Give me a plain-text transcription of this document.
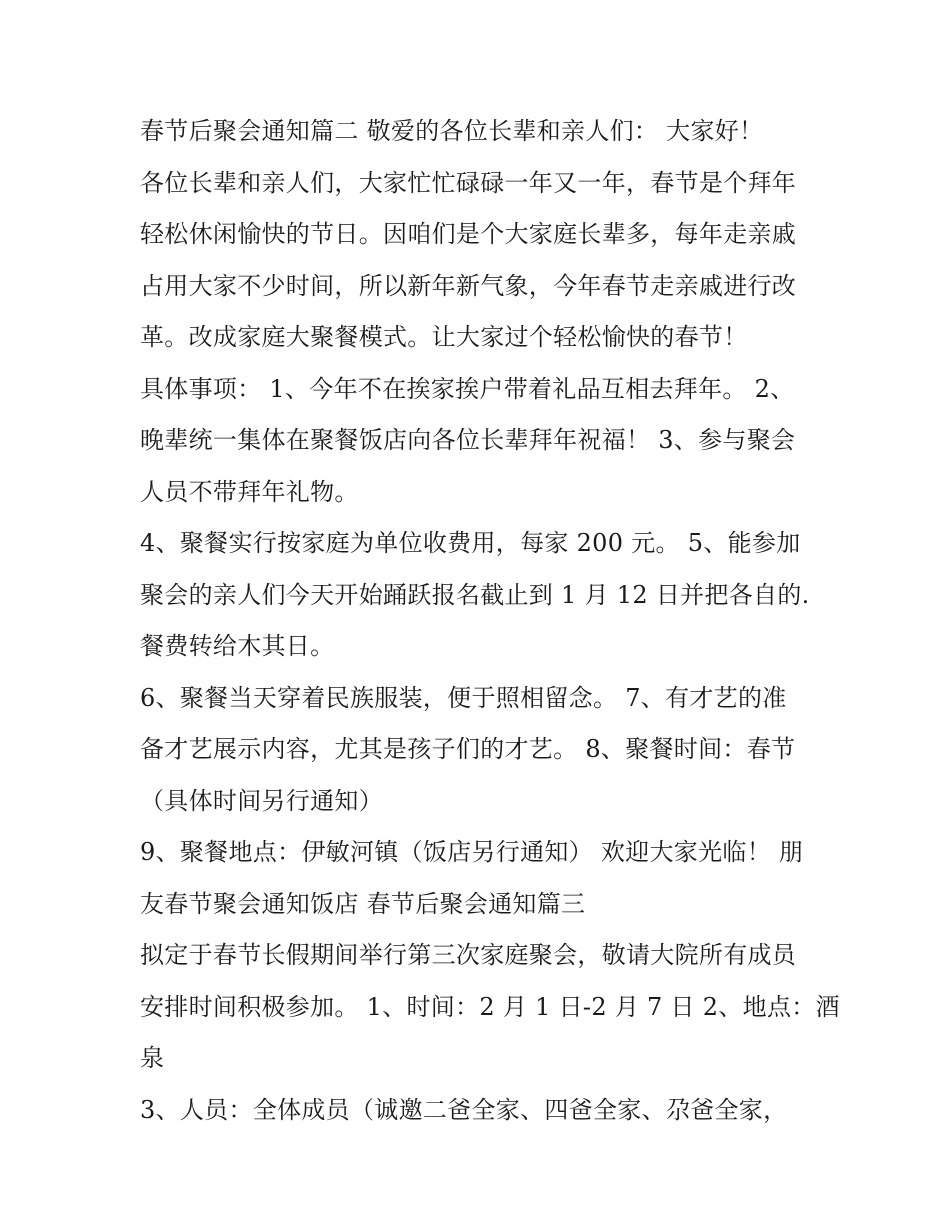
春节后聚会通知篇二 敬爱的各位长辈和亲人们： 大家好！
各位长辈和亲人们，大家忙忙碌碌一年又一年，春节是个拜年
轻松休闲愉快的节日。因咱们是个大家庭长辈多，每年走亲戚
占用大家不少时间，所以新年新气象，今年春节走亲戚进行改
革。改成家庭大聚餐模式。让大家过个轻松愉快的春节！
具体事项： 1、今年不在挨家挨户带着礼品互相去拜年。 2、
晚辈统一集体在聚餐饭店向各位长辈拜年祝福！ 3、参与聚会
人员不带拜年礼物。
4、聚餐实行按家庭为单位收费用，每家 200 元。 5、能参加
聚会的亲人们今天开始踊跃报名截止到 1 月 12 日并把各自的.
餐费转给木其日。
6、聚餐当天穿着民族服装，便于照相留念。 7、有才艺的准
备才艺展示内容，尤其是孩子们的才艺。 8、聚餐时间：春节
（具体时间另行通知）
9、聚餐地点：伊敏河镇（饭店另行通知） 欢迎大家光临！ 朋
友春节聚会通知饭店 春节后聚会通知篇三
拟定于春节长假期间举行第三次家庭聚会，敬请大院所有成员
安排时间积极参加。 1、时间：2 月 1 日-2 月 7 日 2、地点：酒
泉
3、人员：全体成员（诚邀二爸全家、四爸全家、尕爸全家，
